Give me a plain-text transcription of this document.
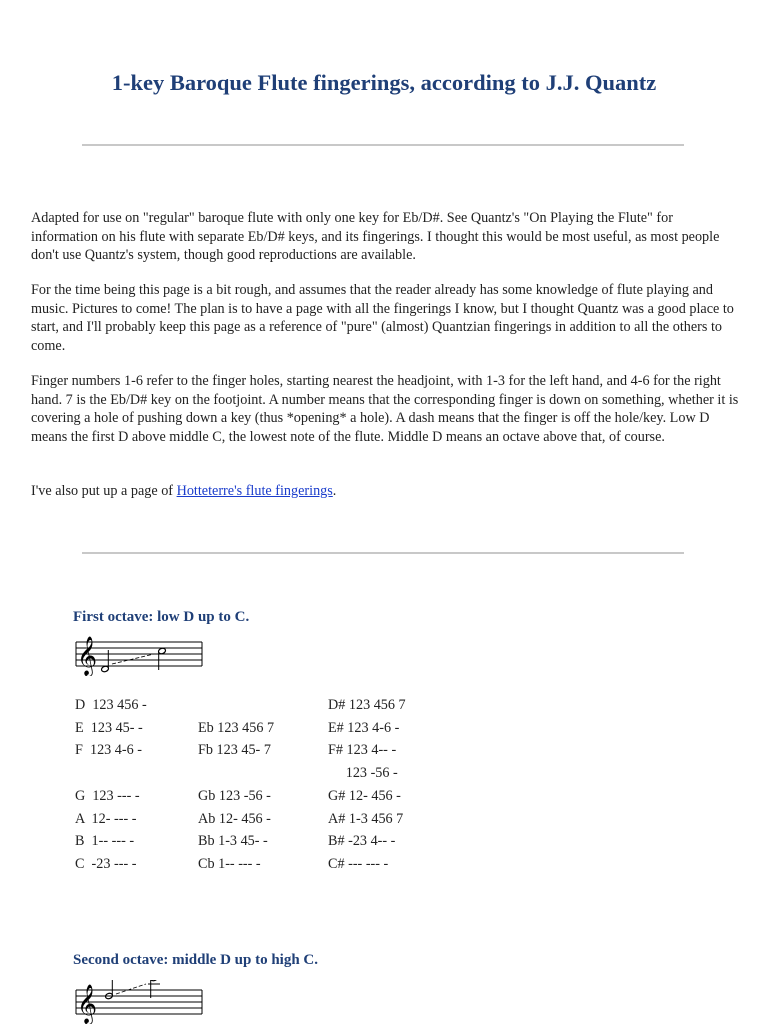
1-key Baroque Flute fingerings, according to J.J. Quantz

Adapted for use on "regular" baroque flute with only one key for Eb/D#. See Quantz's "On Playing the Flute" for information on his flute with separate Eb/D# keys, and its fingerings. I thought this would be most useful, as most people don't use Quantz's system, though good reproductions are available.

For the time being this page is a bit rough, and assumes that the reader already has some knowledge of flute playing and music. Pictures to come! The plan is to have a page with all the fingerings I know, but I thought Quantz was a good place to start, and I'll probably keep this page as a reference of "pure" (almost) Quantzian fingerings in addition to all the others to come.

Finger numbers 1-6 refer to the finger holes, starting nearest the headjoint, with 1-3 for the left hand, and 4-6 for the right hand. 7 is the Eb/D# key on the footjoint. A number means that the corresponding finger is down on something, whether it is covering a hole of pushing down a key (thus *opening* a hole). A dash means that the finger is off the hole/key. Low D means the first D above middle C, the lowest note of the flute. Middle D means an octave above that, of course.

I've also put up a page of Hotteterre's flute fingerings.

First octave: low D up to C.
𝄞
D  123 456 -
E  123 45- -
F  123 4-6 -
G  123 --- -
A  12- --- -
B  1-- --- -
C  -23 --- -
Eb 123 456 7
Fb 123 45- 7
Gb 123 -56 -
Ab 12- 456 -
Bb 1-3 45- -
Cb 1-- --- -
D# 123 456 7
E# 123 4-6 -
F# 123 4-- -
123 -56 -
G# 12- 456 -
A# 1-3 456 7
B# -23 4-- -
C# --- --- -
Second octave: middle D up to high C.
𝄞
